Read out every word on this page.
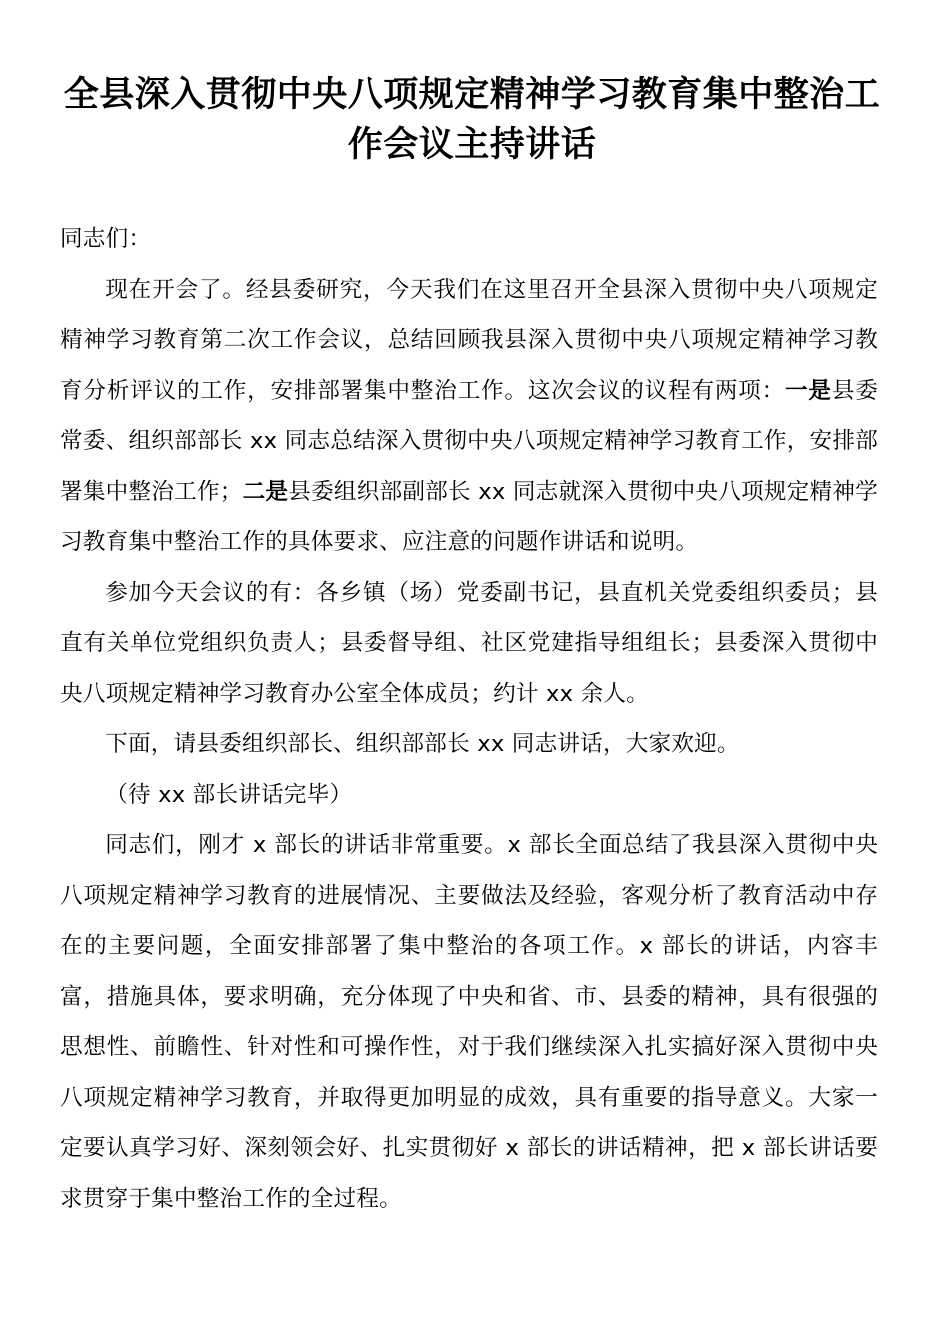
全县深入贯彻中央八项规定精神学习教育集中整治工作会议主持讲话

同志们：

现在开会了。经县委研究，今天我们在这里召开全县深入贯彻中央八项规定精神学习教育第二次工作会议，总结回顾我县深入贯彻中央八项规定精神学习教育分析评议的工作，安排部署集中整治工作。这次会议的议程有两项：一是县委常委、组织部部长 xx 同志总结深入贯彻中央八项规定精神学习教育工作，安排部署集中整治工作；二是县委组织部副部长 xx 同志就深入贯彻中央八项规定精神学习教育集中整治工作的具体要求、应注意的问题作讲话和说明。

参加今天会议的有：各乡镇（场）党委副书记，县直机关党委组织委员；县直有关单位党组织负责人；县委督导组、社区党建指导组组长；县委深入贯彻中央八项规定精神学习教育办公室全体成员；约计 xx 余人。

下面，请县委组织部长、组织部部长 xx 同志讲话，大家欢迎。

（待 xx 部长讲话完毕）

同志们，刚才 x 部长的讲话非常重要。x 部长全面总结了我县深入贯彻中央八项规定精神学习教育的进展情况、主要做法及经验，客观分析了教育活动中存在的主要问题，全面安排部署了集中整治的各项工作。x 部长的讲话，内容丰富，措施具体，要求明确，充分体现了中央和省、市、县委的精神，具有很强的思想性、前瞻性、针对性和可操作性，对于我们继续深入扎实搞好深入贯彻中央八项规定精神学习教育，并取得更加明显的成效，具有重要的指导意义。大家一定要认真学习好、深刻领会好、扎实贯彻好 x 部长的讲话精神，把 x 部长讲话要求贯穿于集中整治工作的全过程。
